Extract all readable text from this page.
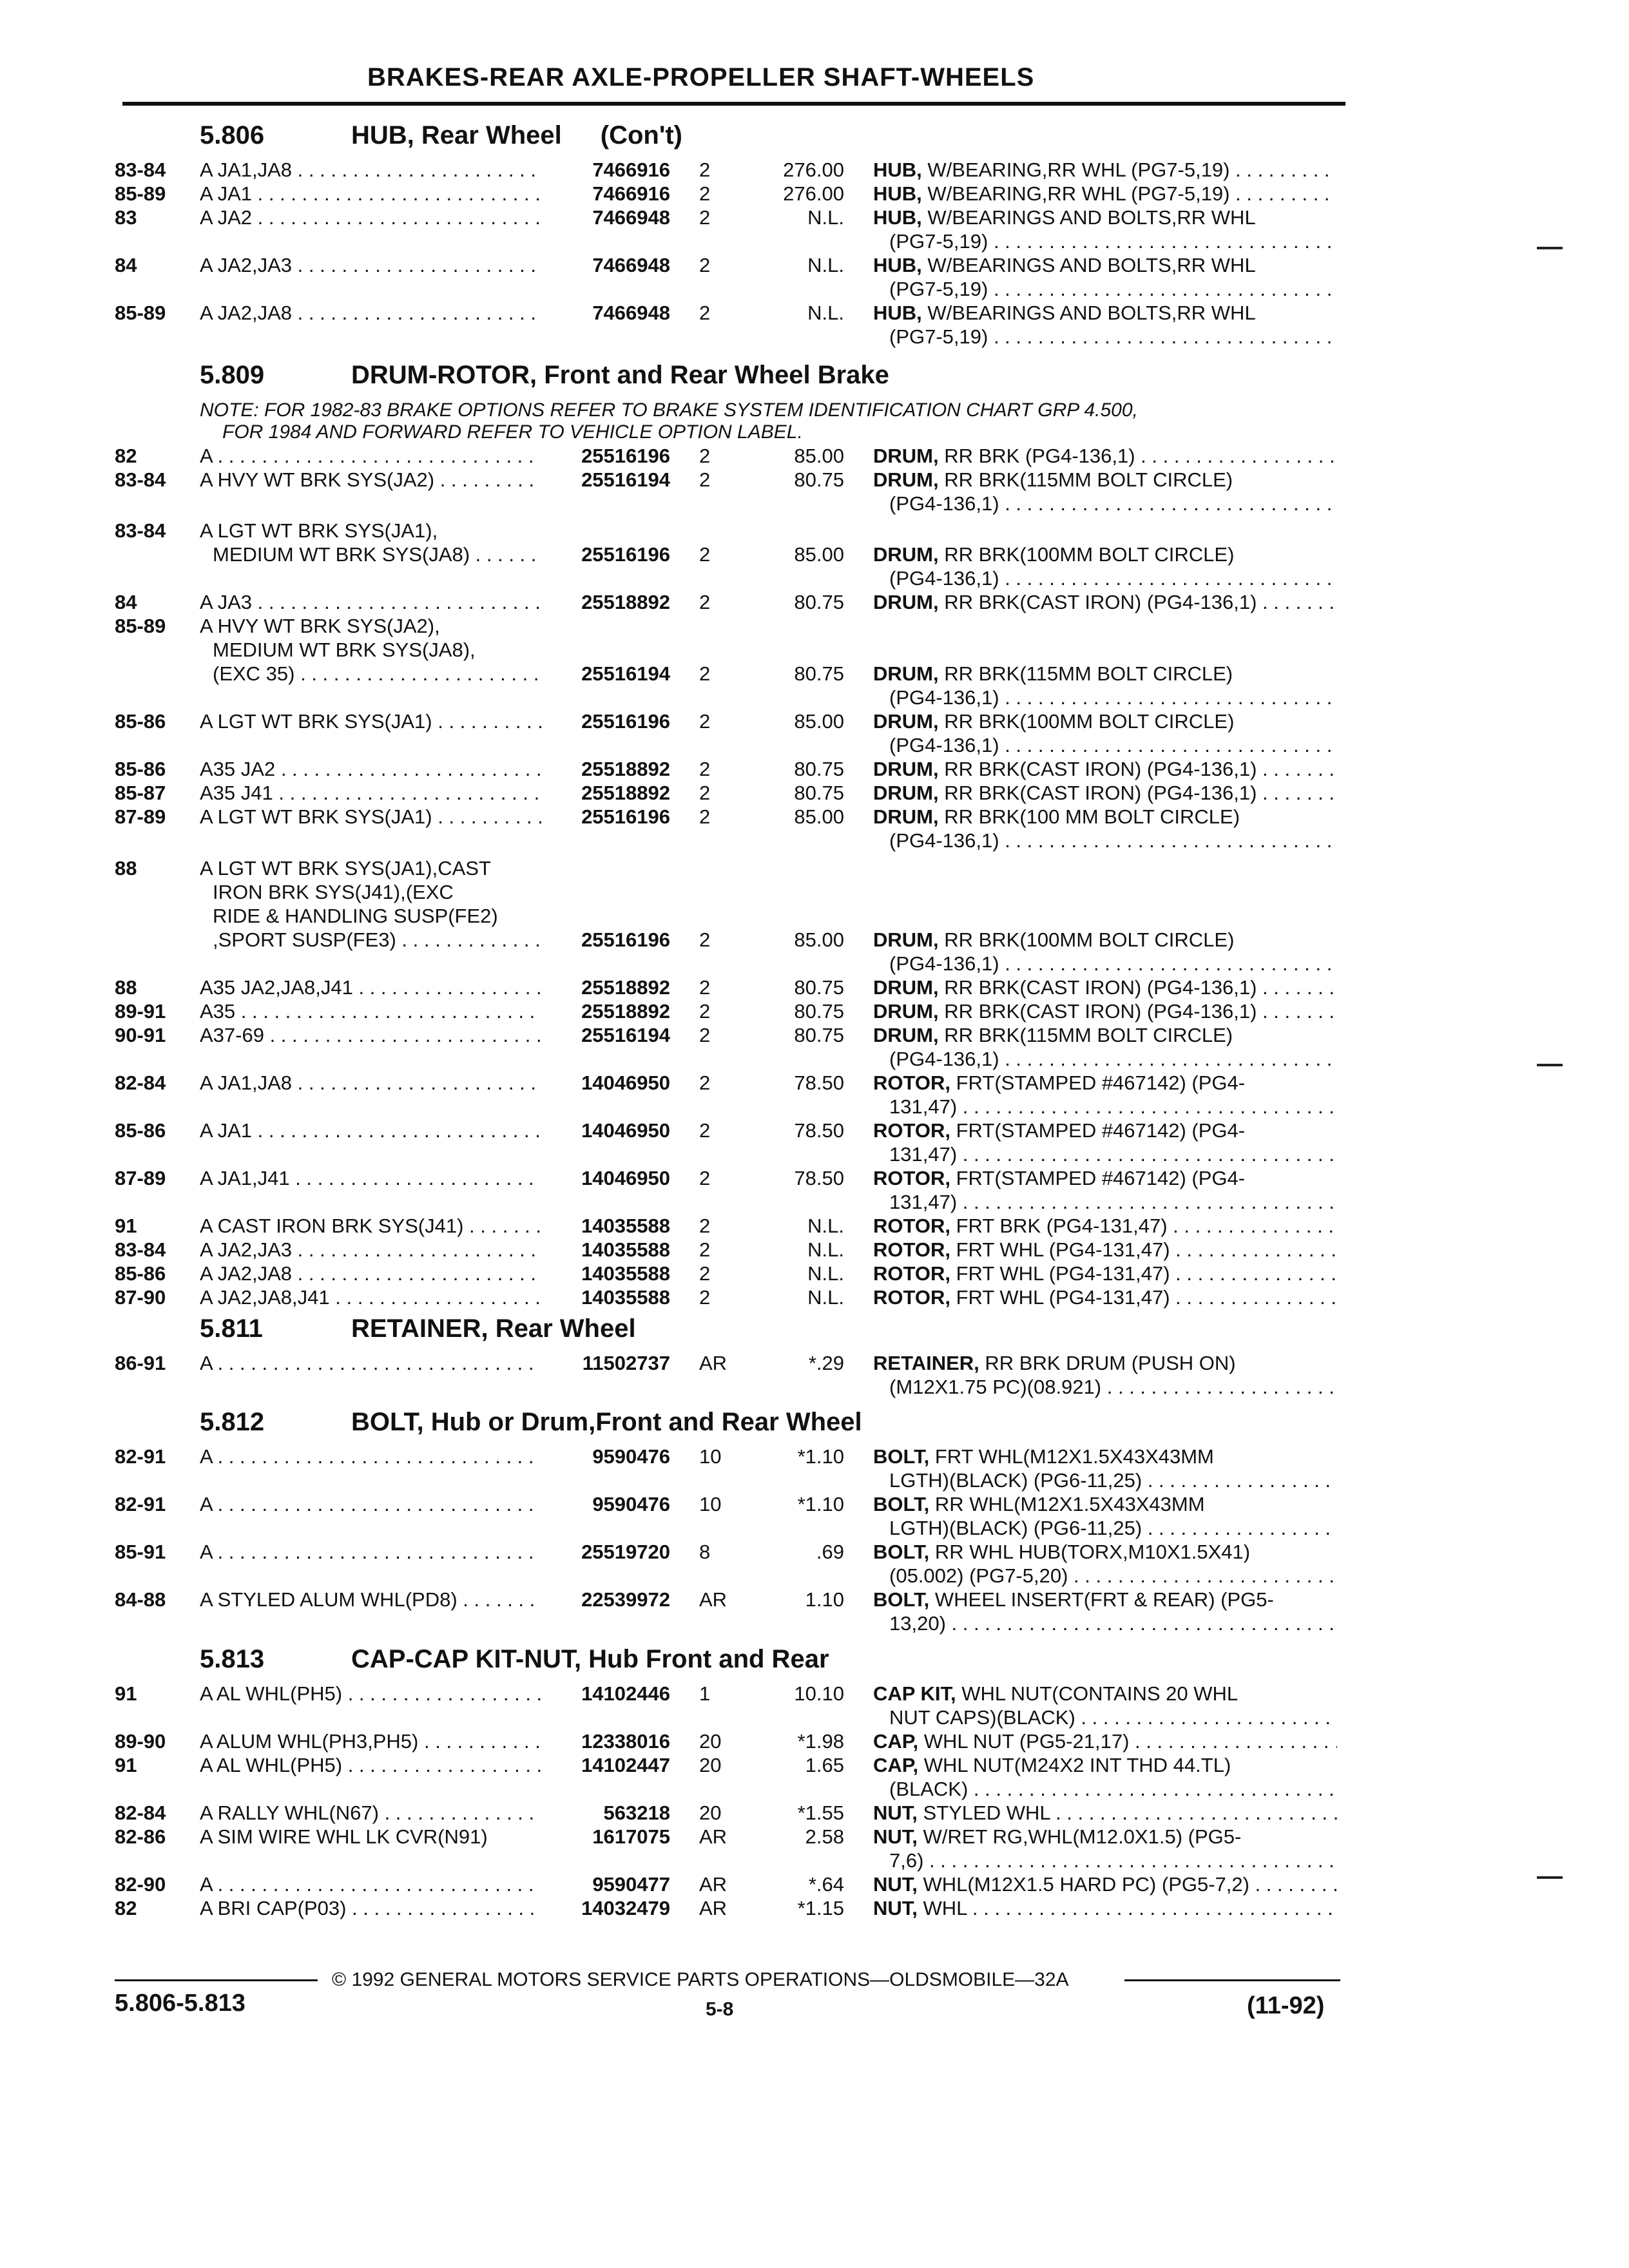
BRAKES-REAR AXLE-PROPELLER SHAFT-WHEELS
5.806	HUB, Rear Wheel (Con't)
83-84 A JA1,JA8 . . .	7466916 2	276.00 HUB, W/BEARING,RR WHL (PG7-5,19) . . .
85-89 A JA1 . . .	7466916 2	276.00 HUB, W/BEARING,RR WHL (PG7-5,19) . . .
83	A JA2 . . .	7466948 2	N.L. HUB, W/BEARINGS AND BOLTS,RR WHL
(PG7-5,19) . . .
84	A JA2,JA3 . . .	7466948 2	N.L. HUB, W/BEARINGS AND BOLTS,RR WHL
(PG7-5,19) . . .
85-89 A JA2,JA8 . . .	7466948 2	N.L. HUB, W/BEARINGS AND BOLTS,RR WHL
(PG7-5,19) . . .
5.809	DRUM-ROTOR, Front and Rear Wheel Brake
NOTE: FOR 1982-83 BRAKE OPTIONS REFER TO BRAKE SYSTEM IDENTIFICATION CHART GRP 4.500,
FOR 1984 AND FORWARD REFER TO VEHICLE OPTION LABEL.
82	A . . .	25516196 2	85.00 DRUM, RR BRK (PG4-136,1) . . .
83-84 A HVY WT BRK SYS(JA2) . . .	25516194 2	80.75 DRUM, RR BRK(115MM BOLT CIRCLE)
(PG4-136,1) . . .
83-84 A LGT WT BRK SYS(JA1),
MEDIUM WT BRK SYS(JA8) . . .	25516196 2	85.00 DRUM, RR BRK(100MM BOLT CIRCLE)
(PG4-136,1) . . .
84	A JA3 . . .	25518892 2	80.75 DRUM, RR BRK(CAST IRON) (PG4-136,1) . . .
85-89 A HVY WT BRK SYS(JA2),
MEDIUM WT BRK SYS(JA8),
(EXC 35) . . .	25516194 2	80.75 DRUM, RR BRK(115MM BOLT CIRCLE)
(PG4-136,1) . . .
85-86 A LGT WT BRK SYS(JA1) . . .	25516196 2	85.00 DRUM, RR BRK(100MM BOLT CIRCLE)
(PG4-136,1) . . .
85-86 A35 JA2 . . .	25518892 2	80.75 DRUM, RR BRK(CAST IRON) (PG4-136,1) . . .
85-87 A35 J41 . . .	25518892 2	80.75 DRUM, RR BRK(CAST IRON) (PG4-136,1) . . .
87-89 A LGT WT BRK SYS(JA1) . . .	25516196 2	85.00 DRUM, RR BRK(100 MM BOLT CIRCLE)
(PG4-136,1) . . .
88	A LGT WT BRK SYS(JA1),CAST
IRON BRK SYS(J41),(EXC
RIDE & HANDLING SUSP(FE2)
,SPORT SUSP(FE3) . . .	25516196 2	85.00 DRUM, RR BRK(100MM BOLT CIRCLE)
(PG4-136,1) . . .
88	A35 JA2,JA8,J41 . . .	25518892 2	80.75 DRUM, RR BRK(CAST IRON) (PG4-136,1) . . .
89-91 A35 . . .	25518892 2	80.75 DRUM, RR BRK(CAST IRON) (PG4-136,1) . . .
90-91 A37-69 . . .	25516194 2	80.75 DRUM, RR BRK(115MM BOLT CIRCLE)
(PG4-136,1) . . .
82-84 A JA1,JA8 . . .	14046950 2	78.50 ROTOR, FRT(STAMPED #467142) (PG4-
131,47) . . .
85-86 A JA1 . . .	14046950 2	78.50 ROTOR, FRT(STAMPED #467142) (PG4-
131,47) . . .
87-89 A JA1,J41 . . .	14046950 2	78.50 ROTOR, FRT(STAMPED #467142) (PG4-
131,47) . . .
91	A CAST IRON BRK SYS(J41) . . .	14035588 2	N.L. ROTOR, FRT BRK (PG4-131,47) . . .
83-84 A JA2,JA3 . . .	14035588 2	N.L. ROTOR, FRT WHL (PG4-131,47) . . .
85-86 A JA2,JA8 . . .	14035588 2	N.L. ROTOR, FRT WHL (PG4-131,47) . . .
87-90 A JA2,JA8,J41 . . .	14035588 2	N.L. ROTOR, FRT WHL (PG4-131,47) . . .
5.811	RETAINER, Rear Wheel
86-91 A . . .	11502737 AR	*.29 RETAINER, RR BRK DRUM (PUSH ON)
(M12X1.75 PC)(08.921) . . .
5.812	BOLT, Hub or Drum,Front and Rear Wheel
82-91 A . . .	9590476 10	*1.10 BOLT, FRT WHL(M12X1.5X43X43MM
LGTH)(BLACK) (PG6-11,25) . . .
82-91 A . . .	9590476 10	*1.10 BOLT, RR WHL(M12X1.5X43X43MM
LGTH)(BLACK) (PG6-11,25) . . .
85-91 A . . .	25519720 8	.69 BOLT, RR WHL HUB(TORX,M10X1.5X41)
(05.002) (PG7-5,20) . . .
84-88 A STYLED ALUM WHL(PD8) . . .	22539972 AR	1.10 BOLT, WHEEL INSERT(FRT & REAR) (PG5-
13,20) . . .
5.813	CAP-CAP KIT-NUT, Hub Front and Rear
91	A AL WHL(PH5) . . .	14102446 1	10.10 CAP KIT, WHL NUT(CONTAINS 20 WHL
NUT CAPS)(BLACK) . . .
89-90 A ALUM WHL(PH3,PH5) . . .	12338016 20	*1.98 CAP, WHL NUT (PG5-21,17) . . .
91	A AL WHL(PH5) . . .	14102447 20	1.65 CAP, WHL NUT(M24X2 INT THD 44.TL)
(BLACK) . . .
82-84 A RALLY WHL(N67) . . .	563218 20	*1.55 NUT, STYLED WHL . . .
82-86 A SIM WIRE WHL LK CVR(N91)	1617075 AR	2.58 NUT, W/RET RG,WHL(M12.0X1.5) (PG5-
7,6) . . .
82-90 A . . .	9590477 AR	*.64 NUT, WHL(M12X1.5 HARD PC) (PG5-7,2) . . .
82	A BRI CAP(P03) . . .	14032479 AR	*1.15 NUT, WHL . . .
© 1992 GENERAL MOTORS SERVICE PARTS OPERATIONS—OLDSMOBILE—32A
5.806-5.813	5-8	(11-92)
